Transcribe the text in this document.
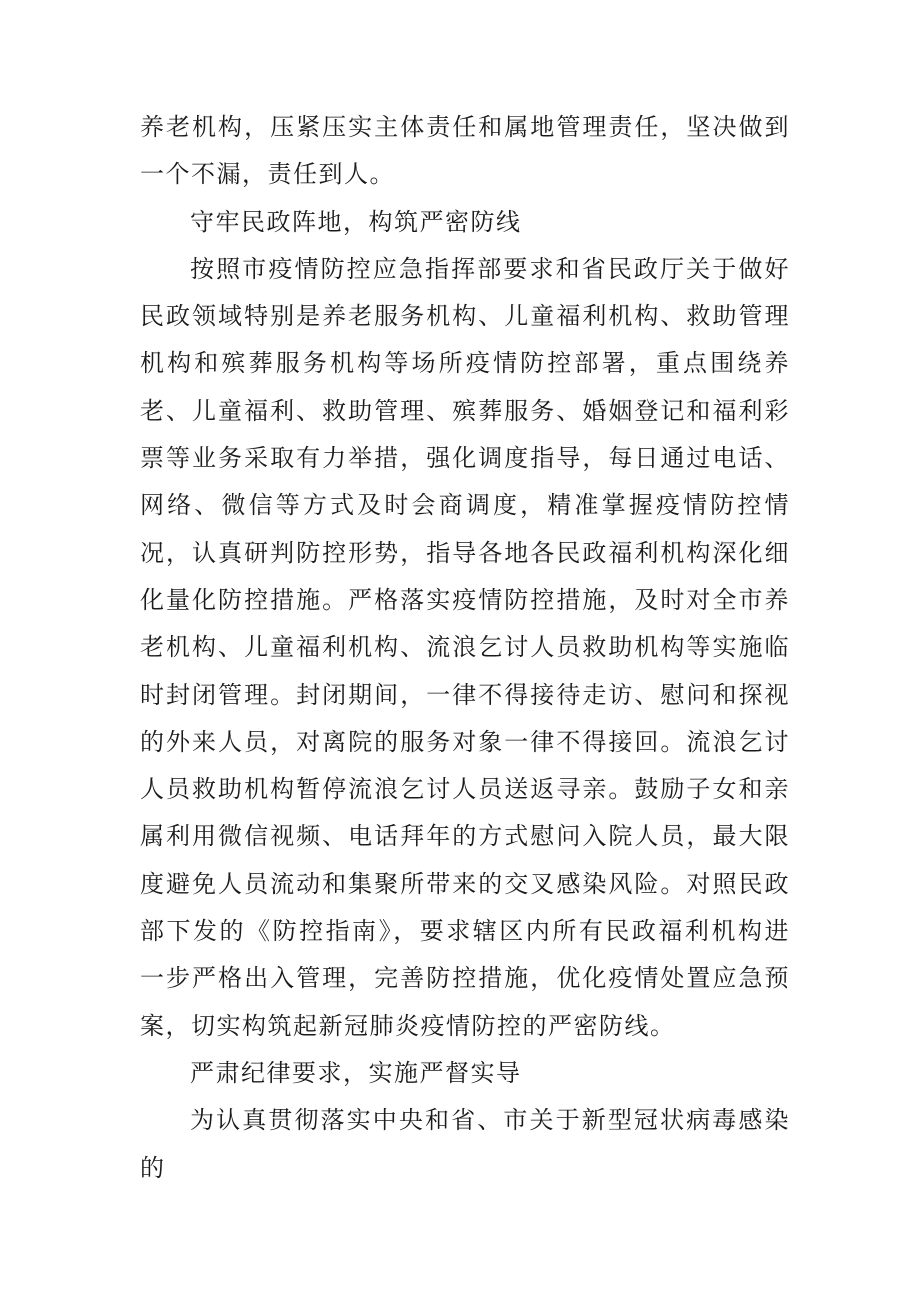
养老机构，压紧压实主体责任和属地管理责任，坚决做到一个不漏，责任到人。

守牢民政阵地，构筑严密防线

按照市疫情防控应急指挥部要求和省民政厅关于做好民政领域特别是养老服务机构、儿童福利机构、救助管理机构和殡葬服务机构等场所疫情防控部署，重点围绕养老、儿童福利、救助管理、殡葬服务、婚姻登记和福利彩票等业务采取有力举措，强化调度指导，每日通过电话、网络、微信等方式及时会商调度，精准掌握疫情防控情况，认真研判防控形势，指导各地各民政福利机构深化细化量化防控措施。严格落实疫情防控措施，及时对全市养老机构、儿童福利机构、流浪乞讨人员救助机构等实施临时封闭管理。封闭期间，一律不得接待走访、慰问和探视的外来人员，对离院的服务对象一律不得接回。流浪乞讨人员救助机构暂停流浪乞讨人员送返寻亲。鼓励子女和亲属利用微信视频、电话拜年的方式慰问入院人员，最大限度避免人员流动和集聚所带来的交叉感染风险。对照民政部下发的《防控指南》，要求辖区内所有民政福利机构进一步严格出入管理，完善防控措施，优化疫情处置应急预案，切实构筑起新冠肺炎疫情防控的严密防线。

严肃纪律要求，实施严督实导

为认真贯彻落实中央和省、市关于新型冠状病毒感染的
